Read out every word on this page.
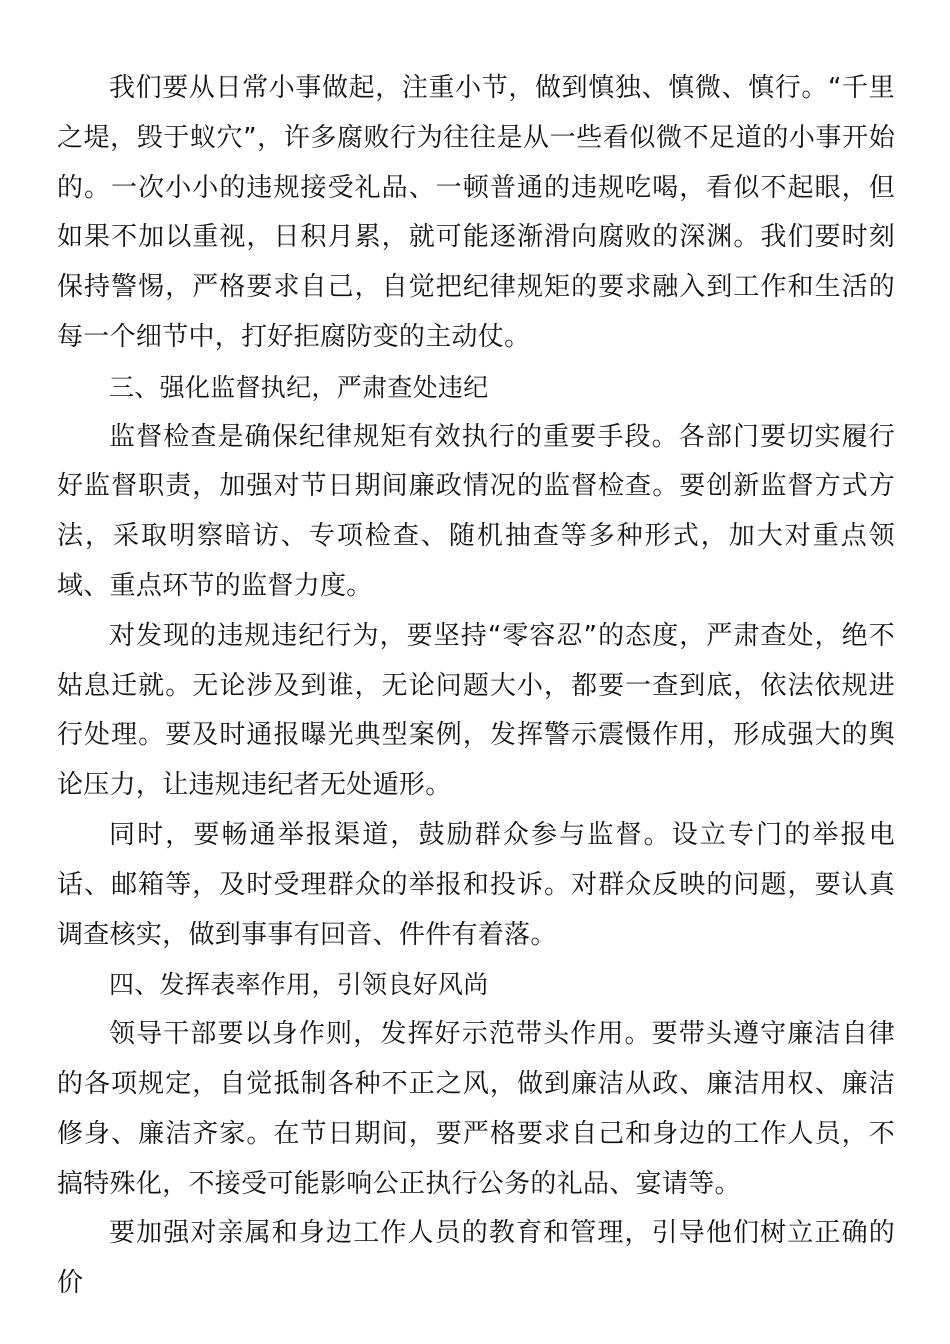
我们要从日常小事做起，注重小节，做到慎独、慎微、慎行。“千里之堤，毁于蚁穴”，许多腐败行为往往是从一些看似微不足道的小事开始的。一次小小的违规接受礼品、一顿普通的违规吃喝，看似不起眼，但如果不加以重视，日积月累，就可能逐渐滑向腐败的深渊。我们要时刻保持警惕，严格要求自己，自觉把纪律规矩的要求融入到工作和生活的每一个细节中，打好拒腐防变的主动仗。

三、强化监督执纪，严肃查处违纪

监督检查是确保纪律规矩有效执行的重要手段。各部门要切实履行好监督职责，加强对节日期间廉政情况的监督检查。要创新监督方式方法，采取明察暗访、专项检查、随机抽查等多种形式，加大对重点领域、重点环节的监督力度。

对发现的违规违纪行为，要坚持“零容忍”的态度，严肃查处，绝不姑息迁就。无论涉及到谁，无论问题大小，都要一查到底，依法依规进行处理。要及时通报曝光典型案例，发挥警示震慑作用，形成强大的舆论压力，让违规违纪者无处遁形。

同时，要畅通举报渠道，鼓励群众参与监督。设立专门的举报电话、邮箱等，及时受理群众的举报和投诉。对群众反映的问题，要认真调查核实，做到事事有回音、件件有着落。

四、发挥表率作用，引领良好风尚

领导干部要以身作则，发挥好示范带头作用。要带头遵守廉洁自律的各项规定，自觉抵制各种不正之风，做到廉洁从政、廉洁用权、廉洁修身、廉洁齐家。在节日期间，要严格要求自己和身边的工作人员，不搞特殊化，不接受可能影响公正执行公务的礼品、宴请等。

要加强对亲属和身边工作人员的教育和管理，引导他们树立正确的价
